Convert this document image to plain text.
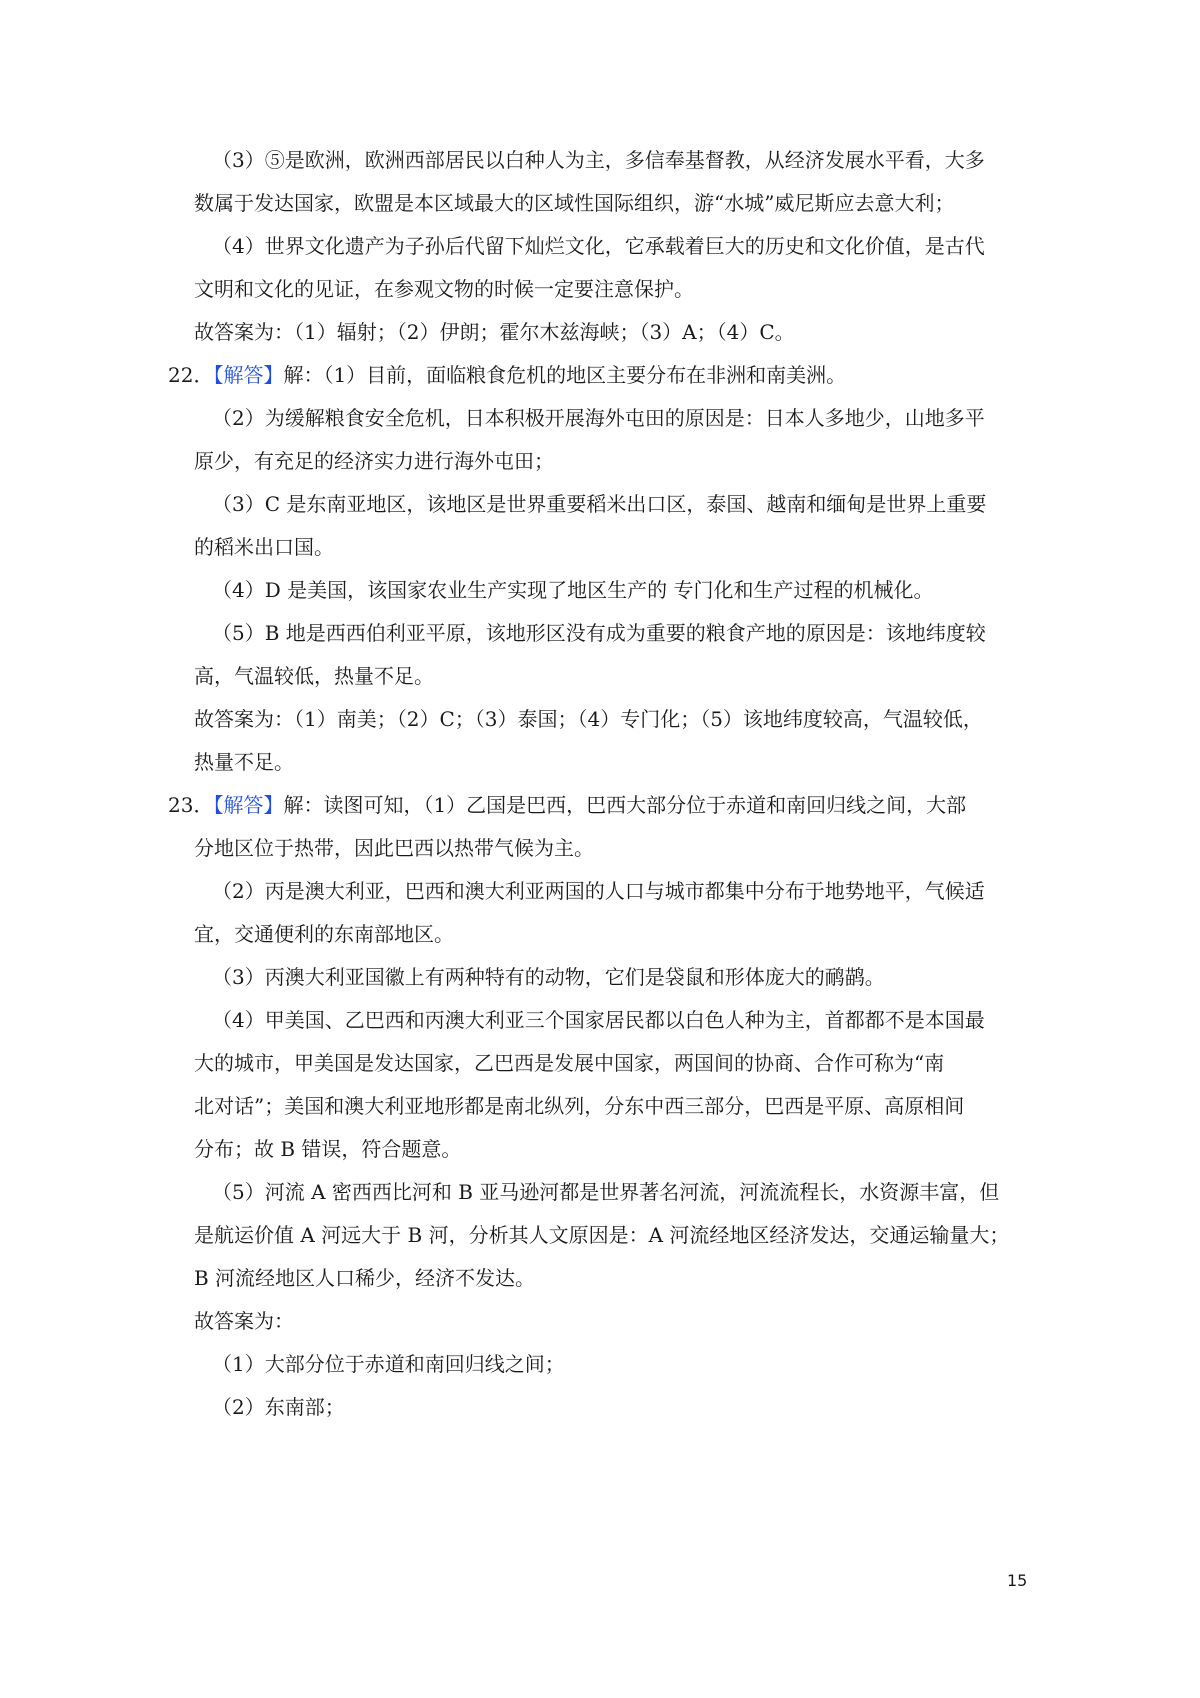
（3）⑤是欧洲，欧洲西部居民以白种人为主，多信奉基督教，从经济发展水平看，大多
数属于发达国家，欧盟是本区域最大的区域性国际组织，游“水城”威尼斯应去意大利；
（4）世界文化遗产为子孙后代留下灿烂文化，它承载着巨大的历史和文化价值，是古代
文明和文化的见证，在参观文物的时候一定要注意保护。
故答案为：（1）辐射；（2）伊朗；霍尔木兹海峡；（3）A；（4）C。
22．【解答】解：（1）目前，面临粮食危机的地区主要分布在非洲和南美洲。
（2）为缓解粮食安全危机，日本积极开展海外屯田的原因是：日本人多地少，山地多平
原少，有充足的经济实力进行海外屯田；
（3）C 是东南亚地区，该地区是世界重要稻米出口区，泰国、越南和缅甸是世界上重要
的稻米出口国。
（4）D 是美国，该国家农业生产实现了地区生产的 专门化和生产过程的机械化。
（5）B 地是西西伯利亚平原，该地形区没有成为重要的粮食产地的原因是：该地纬度较
高，气温较低，热量不足。
故答案为：（1）南美；（2）C；（3）泰国；（4）专门化；（5）该地纬度较高，气温较低，
热量不足。
23．【解答】解：读图可知，（1）乙国是巴西，巴西大部分位于赤道和南回归线之间，大部
分地区位于热带，因此巴西以热带气候为主。
（2）丙是澳大利亚，巴西和澳大利亚两国的人口与城市都集中分布于地势地平，气候适
宜，交通便利的东南部地区。
（3）丙澳大利亚国徽上有两种特有的动物，它们是袋鼠和形体庞大的鸸鹋。
（4）甲美国、乙巴西和丙澳大利亚三个国家居民都以白色人种为主，首都都不是本国最
大的城市，甲美国是发达国家，乙巴西是发展中国家，两国间的协商、合作可称为“南
北对话”；美国和澳大利亚地形都是南北纵列，分东中西三部分，巴西是平原、高原相间
分布；故 B 错误，符合题意。
（5）河流 A 密西西比河和 B 亚马逊河都是世界著名河流，河流流程长，水资源丰富，但
是航运价值 A 河远大于 B 河，分析其人文原因是：A 河流经地区经济发达，交通运输量大；
B 河流经地区人口稀少，经济不发达。
故答案为：
（1）大部分位于赤道和南回归线之间；
（2）东南部；
15
